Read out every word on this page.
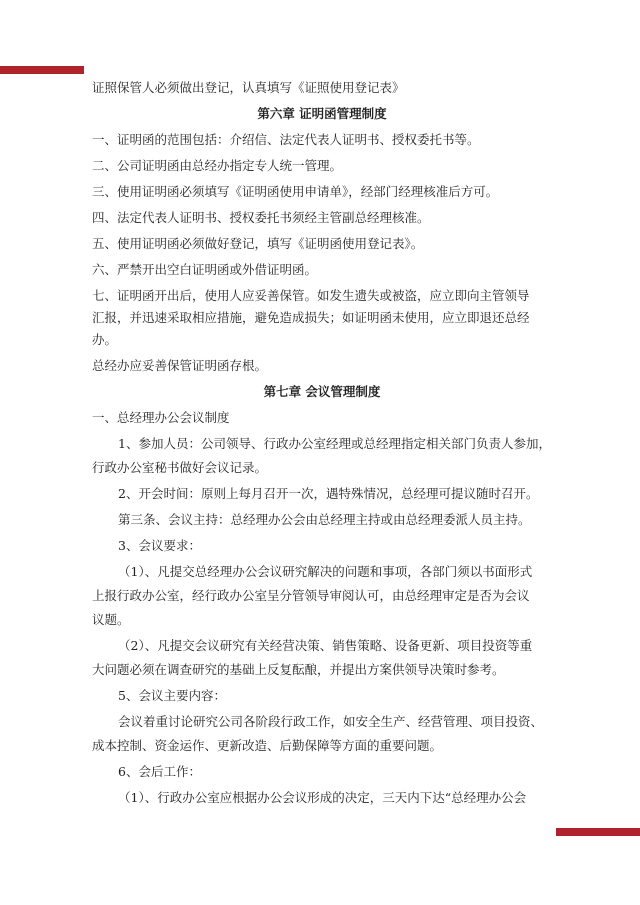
证照保管人必须做出登记，认真填写《证照使用登记表》
第六章 证明函管理制度
一、证明函的范围包括：介绍信、法定代表人证明书、授权委托书等。
二、公司证明函由总经办指定专人统一管理。
三、使用证明函必须填写《证明函使用申请单》，经部门经理核准后方可。
四、法定代表人证明书、授权委托书须经主管副总经理核准。
五、使用证明函必须做好登记，填写《证明函使用登记表》。
六、严禁开出空白证明函或外借证明函。
七、证明函开出后，使用人应妥善保管。如发生遗失或被盗，应立即向主管领导
汇报，并迅速采取相应措施，避免造成损失；如证明函未使用，应立即退还总经
办。
总经办应妥善保管证明函存根。
第七章 会议管理制度
一、总经理办公会议制度
1、参加人员：公司领导、行政办公室经理或总经理指定相关部门负责人参加，
行政办公室秘书做好会议记录。
2、开会时间：原则上每月召开一次，遇特殊情况，总经理可提议随时召开。
第三条、会议主持：总经理办公会由总经理主持或由总经理委派人员主持。
3、会议要求：
（1）、凡提交总经理办公会议研究解决的问题和事项，各部门须以书面形式
上报行政办公室，经行政办公室呈分管领导审阅认可，由总经理审定是否为会议
议题。
（2）、凡提交会议研究有关经营决策、销售策略、设备更新、项目投资等重
大问题必须在调查研究的基础上反复酝酿，并提出方案供领导决策时参考。
5、会议主要内容：
会议着重讨论研究公司各阶段行政工作，如安全生产、经营管理、项目投资、
成本控制、资金运作、更新改造、后勤保障等方面的重要问题。
6、会后工作：
（1）、行政办公室应根据办公会议形成的决定，三天内下达“总经理办公会
